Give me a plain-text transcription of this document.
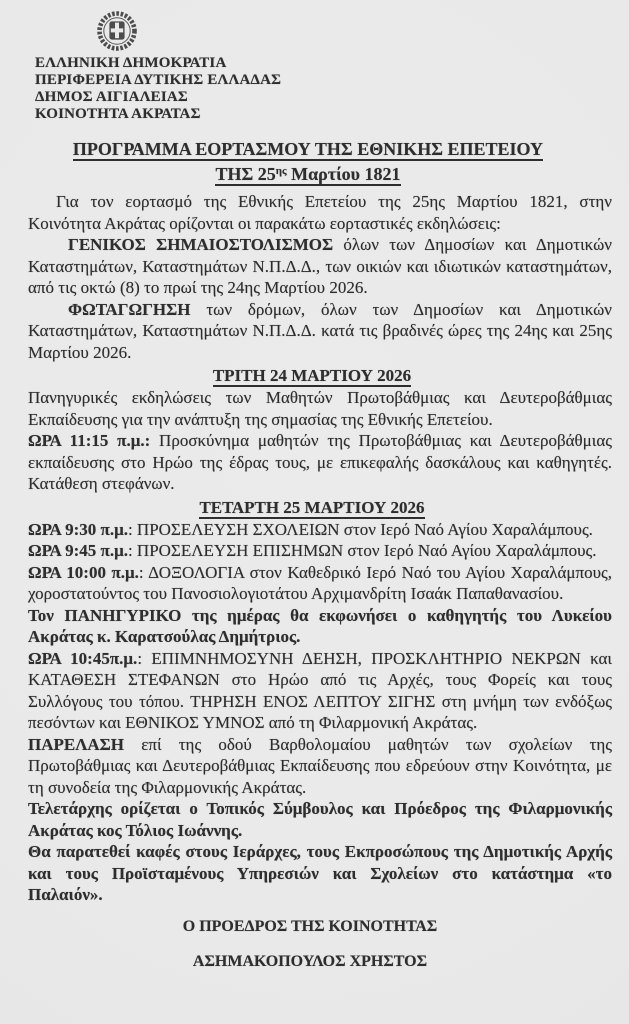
ΕΛΛΗΝΙΚΗ ΔΗΜΟΚΡΑΤΙΑ
ΠΕΡΙΦΕΡΕΙΑ ΔΥΤΙΚΗΣ ΕΛΛΑΔΑΣ
ΔΗΜΟΣ ΑΙΓΙΑΛΕΙΑΣ
ΚΟΙΝΟΤΗΤΑ ΑΚΡΑΤΑΣ
ΠΡΟΓΡΑΜΜΑ ΕΟΡΤΑΣΜΟΥ ΤΗΣ ΕΘΝΙΚΗΣ ΕΠΕΤΕΙΟΥ
ΤΗΣ $25^{\eta\varsigma}$ Μαρτίου 1821

Για τον εορτασμό της Εθνικής Επετείου της 25ης Μαρτίου 1821, στην Κοινότητα Ακράτας ορίζονται οι παρακάτω εορταστικές εκδηλώσεις:

ΓΕΝΙΚΟΣ ΣΗΜΑΙΟΣΤΟΛΙΣΜΟΣ όλων των Δημοσίων και Δημοτικών Καταστημάτων, Καταστημάτων Ν.Π.Δ.Δ., των οικιών και ιδιωτικών καταστημάτων, από τις οκτώ (8) το πρωί της 24ης Μαρτίου 2026.

ΦΩΤΑΓΩΓΗΣΗ των δρόμων, όλων των Δημοσίων και Δημοτικών Καταστημάτων, Καταστημάτων Ν.Π.Δ.Δ. κατά τις βραδινές ώρες της 24ης και 25ης Μαρτίου 2026.

ΤΡΙΤΗ 24 ΜΑΡΤΙΟΥ 2026

Πανηγυρικές εκδηλώσεις των Μαθητών Πρωτοβάθμιας και Δευτεροβάθμιας Εκπαίδευσης για την ανάπτυξη της σημασίας της Εθνικής Επετείου.

ΩΡΑ 11:15 π.μ.: Προσκύνημα μαθητών της Πρωτοβάθμιας και Δευτεροβάθμιας εκπαίδευσης στο Ηρώο της έδρας τους, με επικεφαλής δασκάλους και καθηγητές. Κατάθεση στεφάνων.

ΤΕΤΑΡΤΗ 25 ΜΑΡΤΙΟΥ 2026

ΩΡΑ 9:30 π.μ.: ΠΡΟΣΕΛΕΥΣΗ ΣΧΟΛΕΙΩΝ στον Ιερό Ναό Αγίου Χαραλάμπους.

ΩΡΑ 9:45 π.μ.: ΠΡΟΣΕΛΕΥΣΗ ΕΠΙΣΗΜΩΝ στον Ιερό Ναό Αγίου Χαραλάμπους.

ΩΡΑ 10:00 π.μ.: ΔΟΞΟΛΟΓΙΑ στον Καθεδρικό Ιερό Ναό του Αγίου Χαραλάμπους, χοροστατούντος του Πανοσιολογιοτάτου Αρχιμανδρίτη Ισαάκ Παπαθανασίου.

Τον ΠΑΝΗΓΥΡΙΚΟ της ημέρας θα εκφωνήσει ο καθηγητής του Λυκείου Ακράτας κ. Καρατσούλας Δημήτριος.

ΩΡΑ 10:45π.μ.: ΕΠΙΜΝΗΜΟΣΥΝΗ ΔΕΗΣΗ, ΠΡΟΣΚΛΗΤΗΡΙΟ ΝΕΚΡΩΝ και ΚΑΤΑΘΕΣΗ ΣΤΕΦΑΝΩΝ στο Ηρώο από τις Αρχές, τους Φορείς και τους Συλλόγους του τόπου. ΤΗΡΗΣΗ ΕΝΟΣ ΛΕΠΤΟΥ ΣΙΓΗΣ στη μνήμη των ενδόξως πεσόντων και ΕΘΝΙΚΟΣ ΥΜΝΟΣ από τη Φιλαρμονική Ακράτας.

ΠΑΡΕΛΑΣΗ επί της οδού Βαρθολομαίου μαθητών των σχολείων της Πρωτοβάθμιας και Δευτεροβάθμιας Εκπαίδευσης που εδρεύουν στην Κοινότητα, με τη συνοδεία της Φιλαρμονικής Ακράτας.

Τελετάρχης ορίζεται ο Τοπικός Σύμβουλος και Πρόεδρος της Φιλαρμονικής Ακράτας κος Τόλιος Ιωάννης.

Θα παρατεθεί καφές στους Ιεράρχες, τους Εκπροσώπους της Δημοτικής Αρχής και τους Προϊσταμένους Υπηρεσιών και Σχολείων στο κατάστημα «το Παλαιόν».

Ο ΠΡΟΕΔΡΟΣ ΤΗΣ ΚΟΙΝΟΤΗΤΑΣ
ΑΣΗΜΑΚΟΠΟΥΛΟΣ ΧΡΗΣΤΟΣ
